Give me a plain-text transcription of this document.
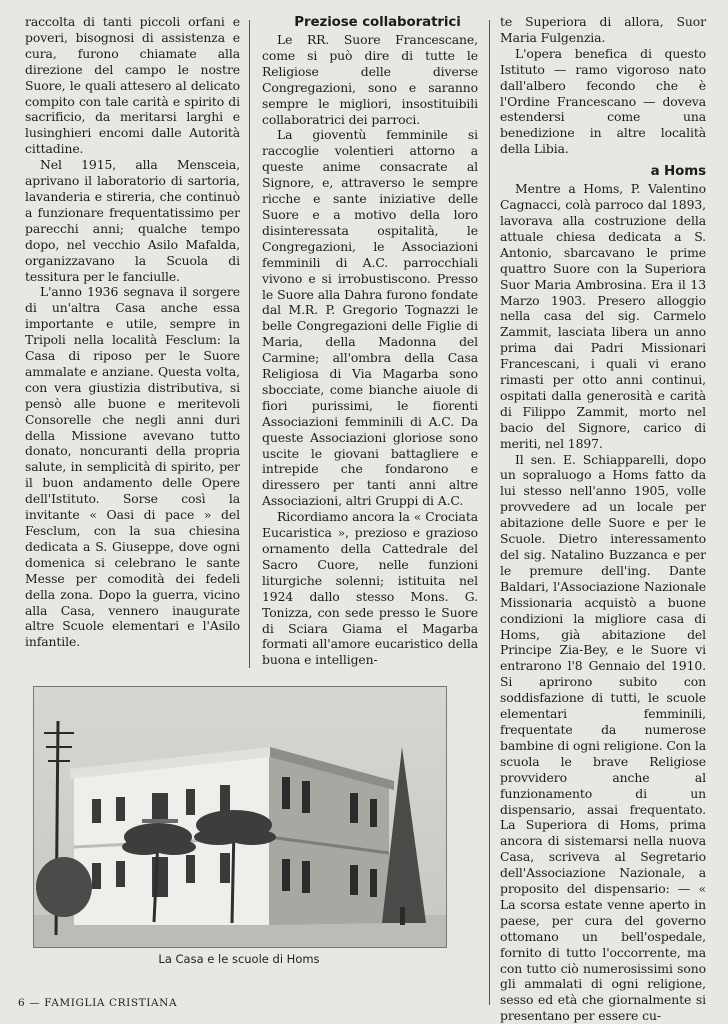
raccolta di tanti piccoli orfani e poveri, bisognosi di assistenza e cura, furono chiamate alla direzione del campo le nostre Suore, le quali attesero al delicato compito con tale carità e spirito di sacrificio, da meritarsi larghi e lusinghieri encomi dalle Autorità cittadine.

Nel 1915, alla Mensceia, aprivano il laboratorio di sartoria, lavanderia e stireria, che continuò a funzionare frequentatissimo per parecchi anni; qualche tempo dopo, nel vecchio Asilo Mafalda, organizzavano la Scuola di tessitura per le fanciulle.

L'anno 1936 segnava il sorgere di un'altra Casa anche essa importante e utile, sempre in Tripoli nella località Fesclum: la Casa di riposo per le Suore ammalate e anziane. Questa volta, con vera giustizia distributiva, si pensò alle buone e meritevoli Consorelle che negli anni duri della Missione avevano tutto donato, noncuranti della propria salute, in semplicità di spirito, per il buon andamento delle Opere dell'Istituto. Sorse così la invitante « Oasi di pace » del Fesclum, con la sua chiesina dedicata a S. Giuseppe, dove ogni domenica si celebrano le sante Messe per comodità dei fedeli della zona. Dopo la guerra, vicino alla Casa, vennero inaugurate altre Scuole elementari e l'Asilo infantile.

Preziose collaboratrici

Le RR. Suore Francescane, come si può dire di tutte le Religiose delle diverse Congregazioni, sono e saranno sempre le migliori, insostituibili collaboratrici dei parroci.

La gioventù femminile si raccoglie volentieri attorno a queste anime consacrate al Signore, e, attraverso le sempre ricche e sante iniziative delle Suore e a motivo della loro disinteressata ospitalità, le Congregazioni, le Associazioni femminili di A.C. parrocchiali vivono e si irrobustiscono. Presso le Suore alla Dahra furono fondate dal M.R. P. Gregorio Tognazzi le belle Congregazioni delle Figlie di Maria, della Madonna del Carmine; all'ombra della Casa Religiosa di Via Magarba sono sbocciate, come bianche aiuole di fiori purissimi, le fiorenti Associazioni femminili di A.C. Da queste Associazioni gloriose sono uscite le giovani battagliere e intrepide che fondarono e diressero per tanti anni altre Associazioni, altri Gruppi di A.C.

Ricordiamo ancora la « Crociata Eucaristica », prezioso e grazioso ornamento della Cattedrale del Sacro Cuore, nelle funzioni liturgiche solenni; istituita nel 1924 dallo stesso Mons. G. Tonizza, con sede presso le Suore di Sciara Giama el Magarba formati all'amore eucaristico della buona e intelligen-

te Superiora di allora, Suor Maria Fulgenzia.

L'opera benefica di questo Istituto — ramo vigoroso nato dall'albero fecondo che è l'Ordine Francescano — doveva estendersi come una benedizione in altre località della Libia.

a Homs

Mentre a Homs, P. Valentino Cagnacci, colà parroco dal 1893, lavorava alla costruzione della attuale chiesa dedicata a S. Antonio, sbarcavano le prime quattro Suore con la Superiora Suor Maria Ambrosina. Era il 13 Marzo 1903. Presero alloggio nella casa del sig. Carmelo Zammit, lasciata libera un anno prima dai Padri Missionari Francescani, i quali vi erano rimasti per otto anni continui, ospitati dalla generosità e carità di Filippo Zammit, morto nel bacio del Signore, carico di meriti, nel 1897.

Il sen. E. Schiapparelli, dopo un sopraluogo a Homs fatto da lui stesso nell'anno 1905, volle provvedere ad un locale per abitazione delle Suore e per le Scuole. Dietro interessamento del sig. Natalino Buzzanca e per le premure dell'ing. Dante Baldari, l'Associazione Nazionale Missionaria acquistò a buone condizioni la migliore casa di Homs, già abitazione del Principe Zia-Bey, e le Suore vi entrarono l'8 Gennaio del 1910. Si aprirono subito con soddisfazione di tutti, le scuole elementari femminili, frequentate da numerose bambine di ogni religione. Con la scuola le brave Religiose provvidero anche al funzionamento di un dispensario, assai frequentato. La Superiora di Homs, prima ancora di sistemarsi nella nuova Casa, scriveva al Segretario dell'Associazione Nazionale, a proposito del dispensario: — « La scorsa estate venne aperto in paese, per cura del governo ottomano un bell'ospedale, fornito di tutto l'occorrente, ma con tutto ciò numerosissimi sono gli ammalati di ogni religione, sesso ed età che giornalmente si presentano per essere cu-

La Casa e le scuole di Homs
6 — FAMIGLIA CRISTIANA
